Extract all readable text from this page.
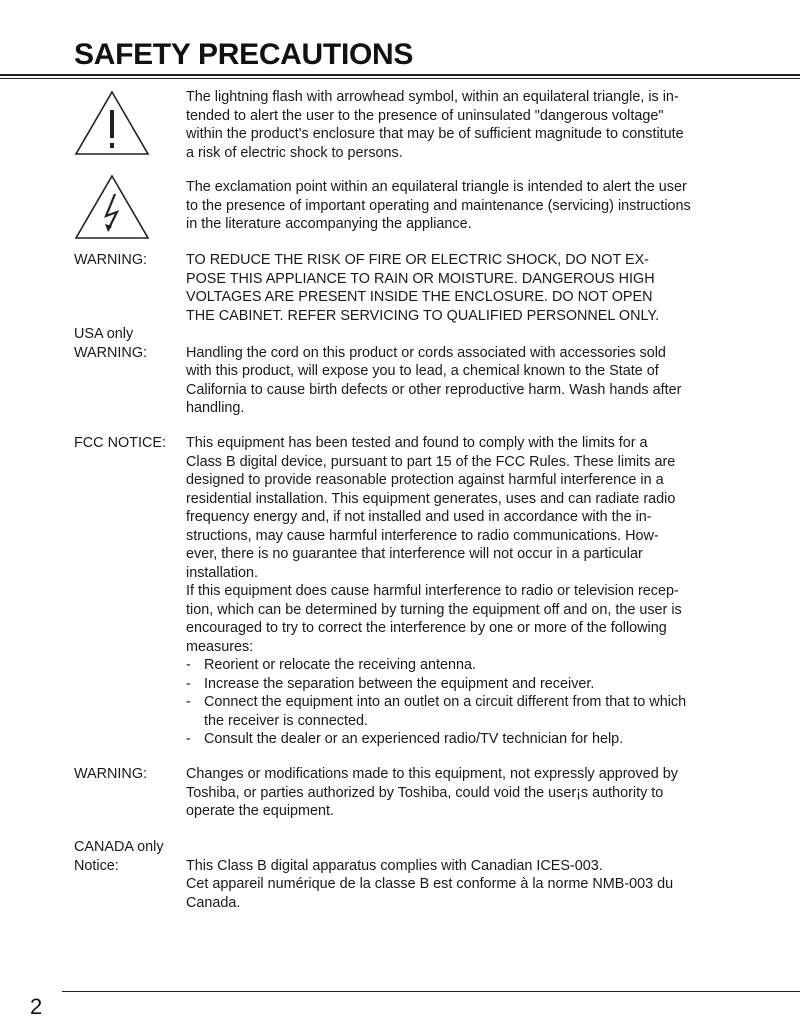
SAFETY PRECAUTIONS
The lightning flash with arrowhead symbol, within an equilateral triangle, is in-
tended to alert the user to the presence of uninsulated "dangerous voltage"
within the product's enclosure that may be of sufficient magnitude to constitute
a risk of electric shock to persons.
The exclamation point within an equilateral triangle is intended to alert the user
to the presence of important operating and maintenance (servicing) instructions
in the literature accompanying the appliance.
WARNING:	TO REDUCE THE RISK OF FIRE OR ELECTRIC SHOCK, DO NOT EX-
POSE THIS APPLIANCE TO RAIN OR MOISTURE. DANGEROUS HIGH
VOLTAGES ARE PRESENT INSIDE THE ENCLOSURE. DO NOT OPEN
THE CABINET. REFER SERVICING TO QUALIFIED PERSONNEL ONLY.
USA only
WARNING:	Handling the cord on this product or cords associated with accessories sold
with this product, will expose you to lead, a chemical known to the State of
California to cause birth defects or other reproductive harm. Wash hands after
handling.
FCC NOTICE: This equipment has been tested and found to comply with the limits for a
Class B digital device, pursuant to part 15 of the FCC Rules. These limits are
designed to provide reasonable protection against harmful interference in a
residential installation. This equipment generates, uses and can radiate radio
frequency energy and, if not installed and used in accordance with the in-
structions, may cause harmful interference to radio communications. How-
ever, there is no guarantee that interference will not occur in a particular
installation.
If this equipment does cause harmful interference to radio or television recep-
tion, which can be determined by turning the equipment off and on, the user is
encouraged to try to correct the interference by one or more of the following
measures:
- Reorient or relocate the receiving antenna.
- Increase the separation between the equipment and receiver.
- Connect the equipment into an outlet on a circuit different from that to which
the receiver is connected.
- Consult the dealer or an experienced radio/TV technician for help.
WARNING:	Changes or modifications made to this equipment, not expressly approved by
Toshiba, or parties authorized by Toshiba, could void the user¡s authority to
operate the equipment.
CANADA only
Notice:	This Class B digital apparatus complies with Canadian ICES-003.
Cet appareil numérique de la classe B est conforme à la norme NMB-003 du
Canada.
2
